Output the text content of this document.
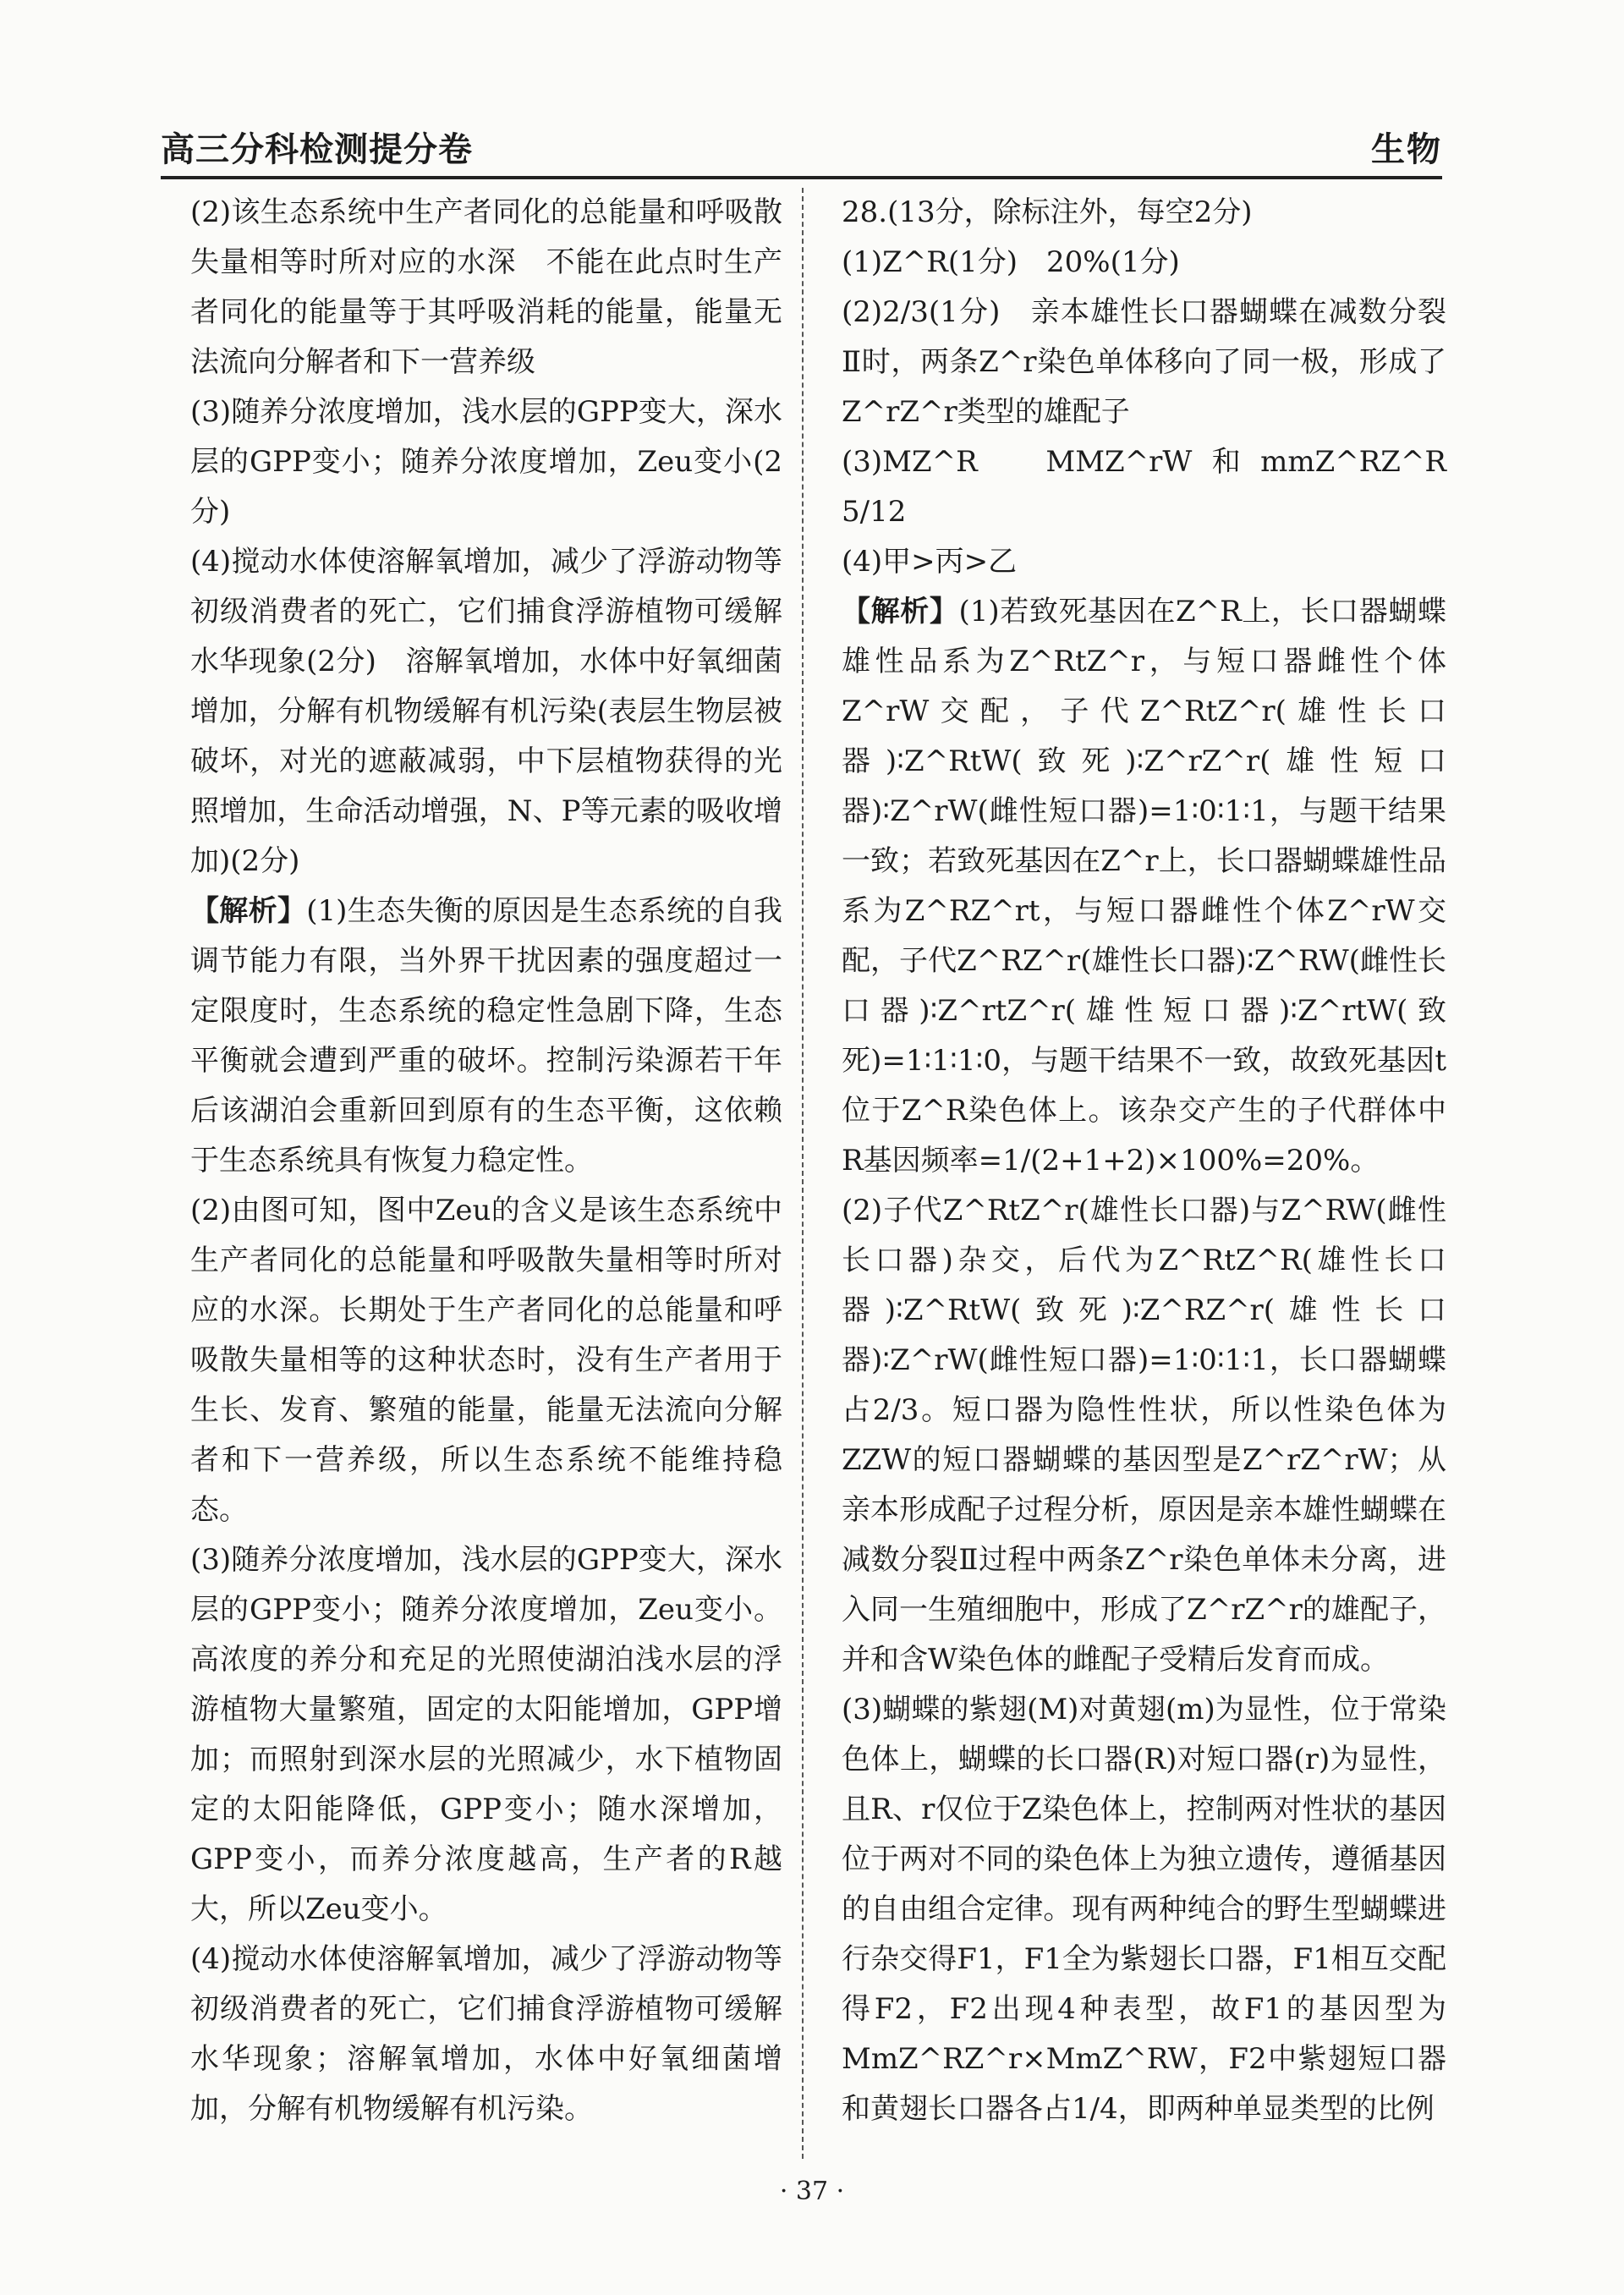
高三分科检测提分卷	生物

(2)该生态系统中生产者同化的总能量和呼吸散失量相等时所对应的水深　不能在此点时生产者同化的能量等于其呼吸消耗的能量，能量无法流向分解者和下一营养级

(3)随养分浓度增加，浅水层的GPP变大，深水层的GPP变小；随养分浓度增加，Zeu变小(2分)

(4)搅动水体使溶解氧增加，减少了浮游动物等初级消费者的死亡，它们捕食浮游植物可缓解水华现象(2分)　溶解氧增加，水体中好氧细菌增加，分解有机物缓解有机污染(表层生物层被破坏，对光的遮蔽减弱，中下层植物获得的光照增加，生命活动增强，N、P等元素的吸收增加)(2分)

【解析】(1)生态失衡的原因是生态系统的自我调节能力有限，当外界干扰因素的强度超过一定限度时，生态系统的稳定性急剧下降，生态平衡就会遭到严重的破坏。控制污染源若干年后该湖泊会重新回到原有的生态平衡，这依赖于生态系统具有恢复力稳定性。

(2)由图可知，图中Zeu的含义是该生态系统中生产者同化的总能量和呼吸散失量相等时所对应的水深。长期处于生产者同化的总能量和呼吸散失量相等的这种状态时，没有生产者用于生长、发育、繁殖的能量，能量无法流向分解者和下一营养级，所以生态系统不能维持稳态。

(3)随养分浓度增加，浅水层的GPP变大，深水层的GPP变小；随养分浓度增加，Zeu变小。高浓度的养分和充足的光照使湖泊浅水层的浮游植物大量繁殖，固定的太阳能增加，GPP增加；而照射到深水层的光照减少，水下植物固定的太阳能降低，GPP变小；随水深增加，GPP变小，而养分浓度越高，生产者的R越大，所以Zeu变小。

(4)搅动水体使溶解氧增加，减少了浮游动物等初级消费者的死亡，它们捕食浮游植物可缓解水华现象；溶解氧增加，水体中好氧细菌增加，分解有机物缓解有机污染。

28.(13分，除标注外，每空2分)

(1)Z^R(1分)　20%(1分)

(2)2/3(1分)　亲本雄性长口器蝴蝶在减数分裂Ⅱ时，两条Z^r染色单体移向了同一极，形成了Z^rZ^r类型的雄配子

(3)MZ^R　MMZ^rW和mmZ^RZ^R　5/12

(4)甲>丙>乙

【解析】(1)若致死基因在Z^R上，长口器蝴蝶雄性品系为Z^RtZ^r，与短口器雌性个体Z^rW交配，子代Z^RtZ^r(雄性长口器)∶Z^RtW(致死)∶Z^rZ^r(雄性短口器)∶Z^rW(雌性短口器)=1∶0∶1∶1，与题干结果一致；若致死基因在Z^r上，长口器蝴蝶雄性品系为Z^RZ^rt，与短口器雌性个体Z^rW交配，子代Z^RZ^r(雄性长口器)∶Z^RW(雌性长口器)∶Z^rtZ^r(雄性短口器)∶Z^rtW(致死)=1∶1∶1∶0，与题干结果不一致，故致死基因t位于Z^R染色体上。该杂交产生的子代群体中R基因频率=1/(2+1+2)×100%=20%。

(2)子代Z^RtZ^r(雄性长口器)与Z^RW(雌性长口器)杂交，后代为Z^RtZ^R(雄性长口器)∶Z^RtW(致死)∶Z^RZ^r(雄性长口器)∶Z^rW(雌性短口器)=1∶0∶1∶1，长口器蝴蝶占2/3。短口器为隐性性状，所以性染色体为ZZW的短口器蝴蝶的基因型是Z^rZ^rW；从亲本形成配子过程分析，原因是亲本雄性蝴蝶在减数分裂Ⅱ过程中两条Z^r染色单体未分离，进入同一生殖细胞中，形成了Z^rZ^r的雄配子，并和含W染色体的雌配子受精后发育而成。

(3)蝴蝶的紫翅(M)对黄翅(m)为显性，位于常染色体上，蝴蝶的长口器(R)对短口器(r)为显性，且R、r仅位于Z染色体上，控制两对性状的基因位于两对不同的染色体上为独立遗传，遵循基因的自由组合定律。现有两种纯合的野生型蝴蝶进行杂交得F1，F1全为紫翅长口器，F1相互交配得F2，F2出现4种表型，故F1的基因型为MmZ^RZ^r×MmZ^RW，F2中紫翅短口器和黄翅长口器各占1/4，即两种单显类型的比例

· 37 ·
